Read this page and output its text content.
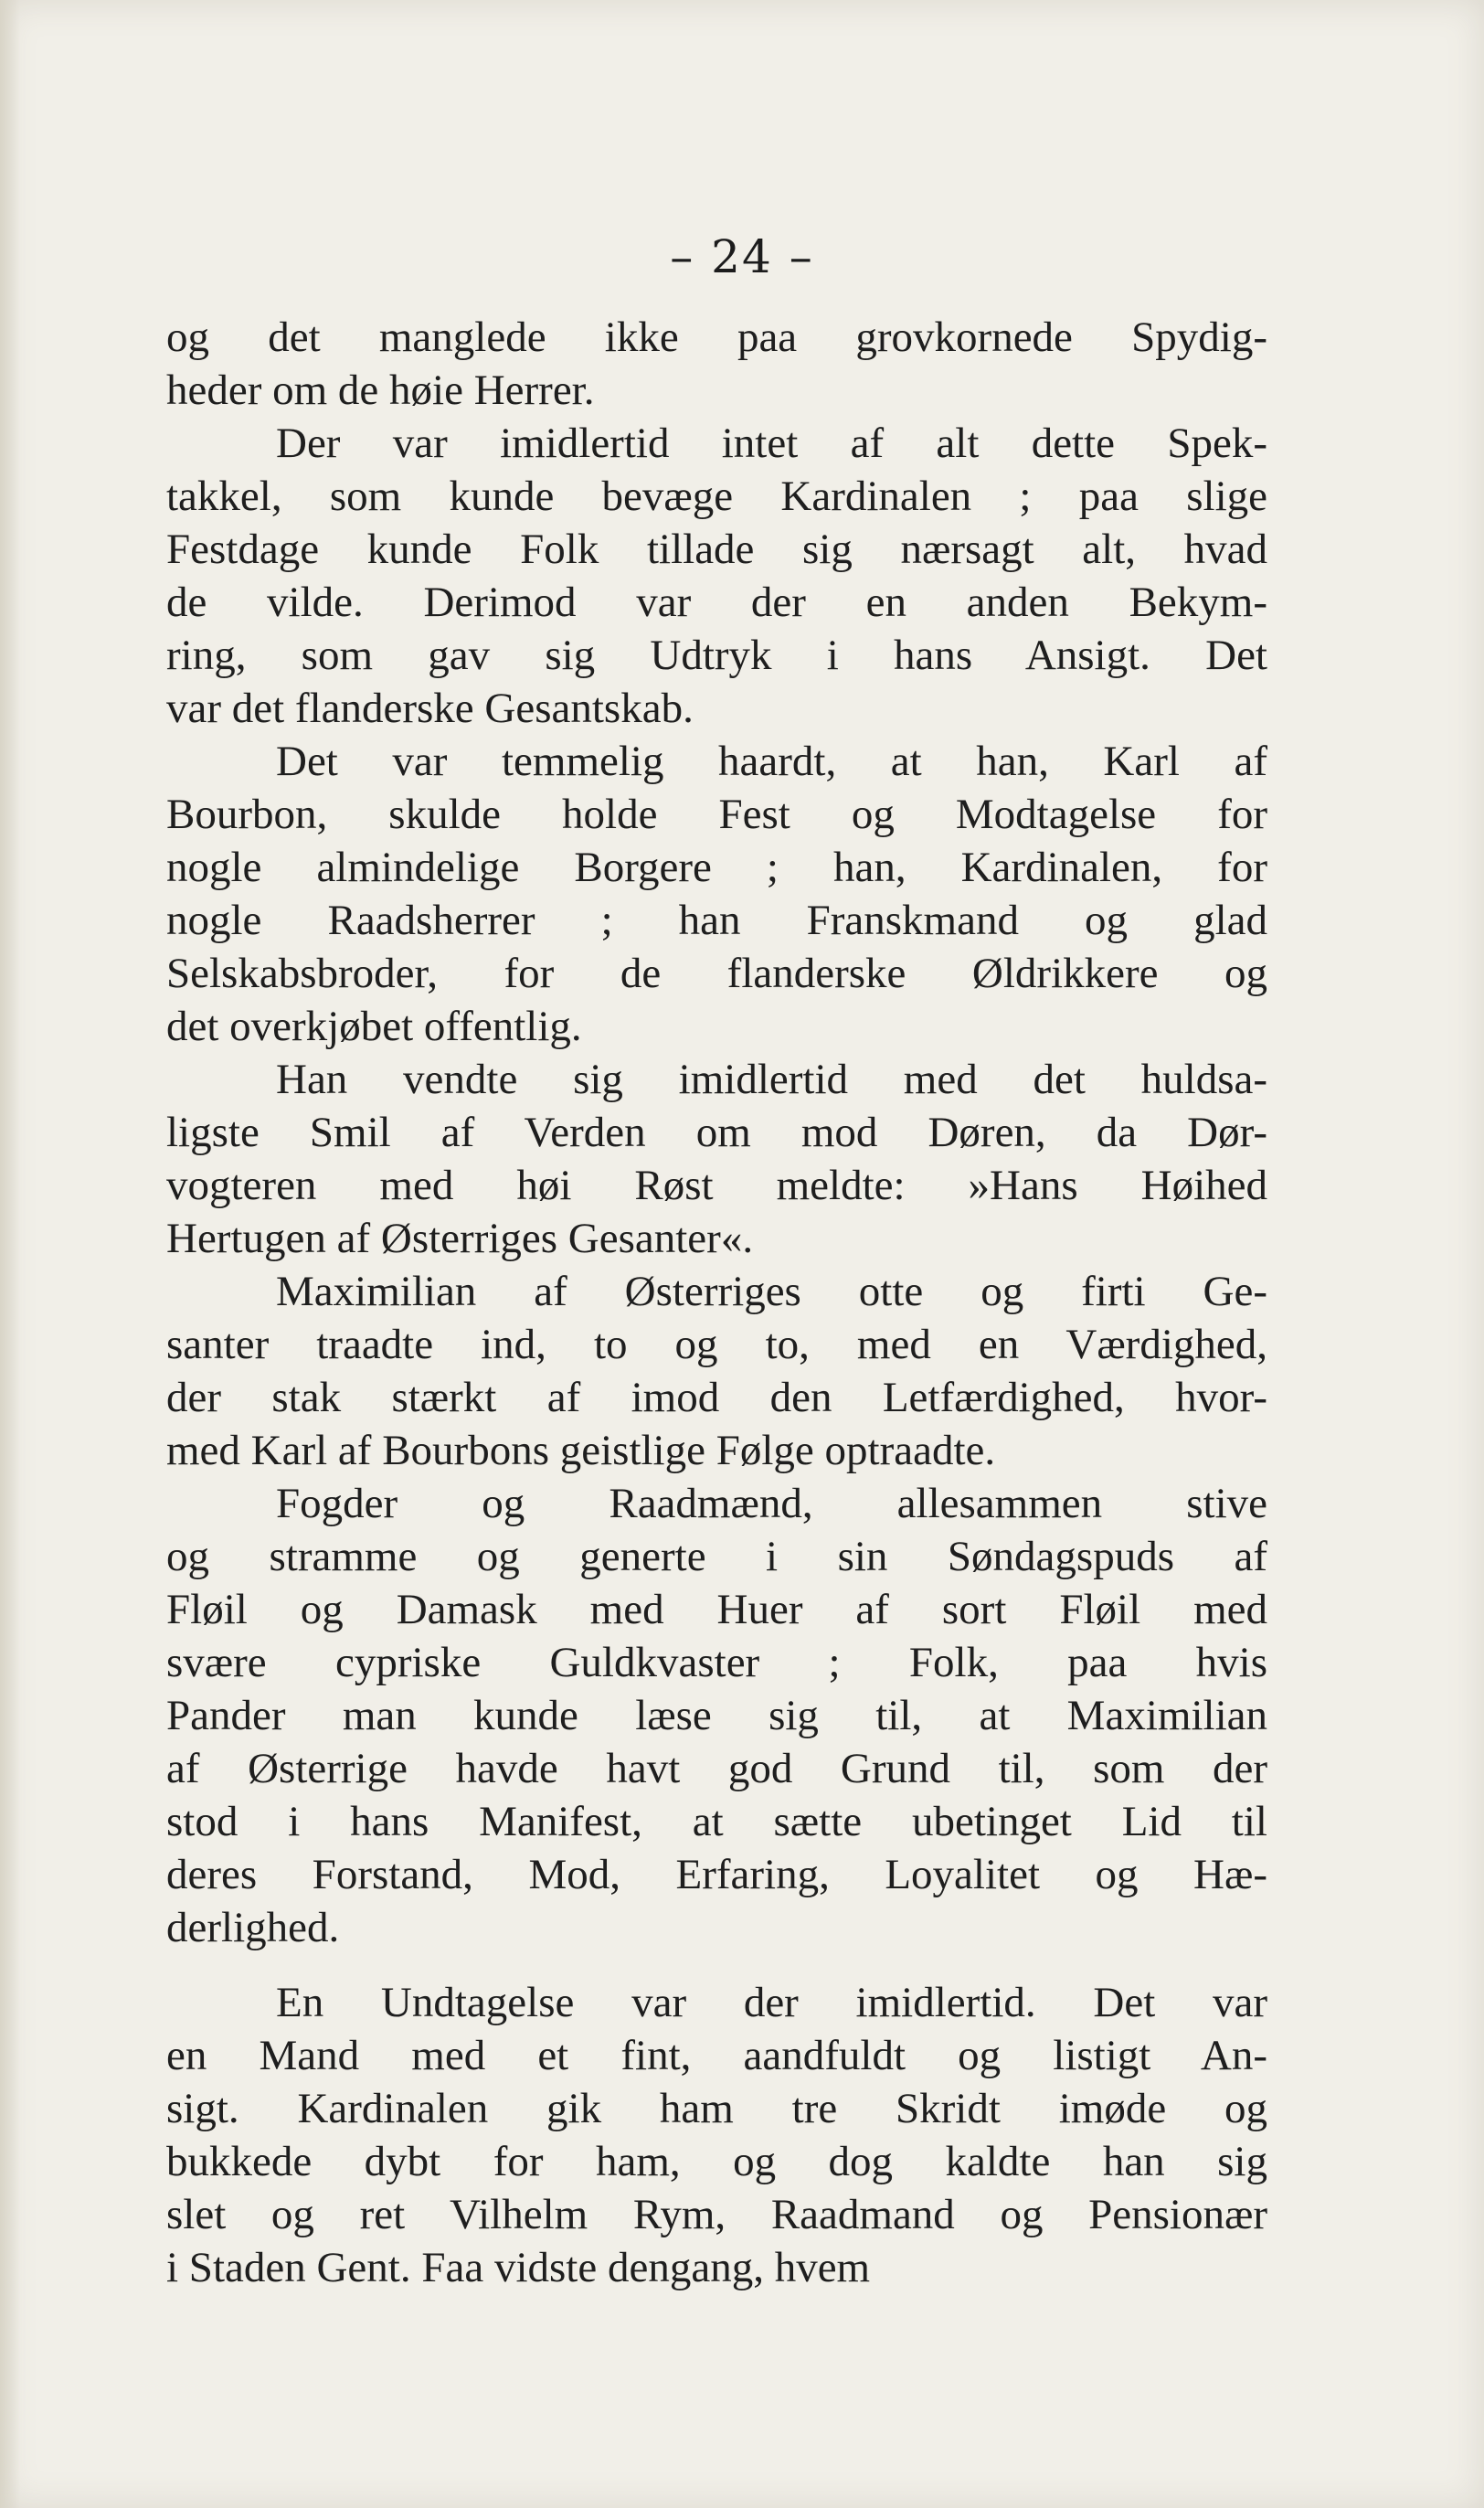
– 24 –
og det manglede ikke paa grovkornede Spydig-
heder om de høie Herrer.
Der var imidlertid intet af alt dette Spek-
takkel, som kunde bevæge Kardinalen ; paa slige
Festdage kunde Folk tillade sig nærsagt alt, hvad
de vilde. Derimod var der en anden Bekym-
ring, som gav sig Udtryk i hans Ansigt. Det
var det flanderske Gesantskab.
Det var temmelig haardt, at han, Karl af
Bourbon, skulde holde Fest og Modtagelse for
nogle almindelige Borgere ; han, Kardinalen, for
nogle Raadsherrer ; han Franskmand og glad
Selskabsbroder, for de flanderske Øldrikkere og
det overkjøbet offentlig.
Han vendte sig imidlertid med det huldsa-
ligste Smil af Verden om mod Døren, da Dør-
vogteren med høi Røst meldte: »Hans Høihed
Hertugen af Østerriges Gesanter«.
Maximilian af Østerriges otte og firti Ge-
santer traadte ind, to og to, med en Værdighed,
der stak stærkt af imod den Letfærdighed, hvor-
med Karl af Bourbons geistlige Følge optraadte.
Fogder og Raadmænd, allesammen stive
og stramme og generte i sin Søndagspuds af
Fløil og Damask med Huer af sort Fløil med
svære cypriske Guldkvaster ; Folk, paa hvis
Pander man kunde læse sig til, at Maximilian
af Østerrige havde havt god Grund til, som der
stod i hans Manifest, at sætte ubetinget Lid til
deres Forstand, Mod, Erfaring, Loyalitet og Hæ-
derlighed.
En Undtagelse var der imidlertid. Det var
en Mand med et fint, aandfuldt og listigt An-
sigt. Kardinalen gik ham tre Skridt imøde og
bukkede dybt for ham, og dog kaldte han sig
slet og ret Vilhelm Rym, Raadmand og Pensionær
i Staden Gent. Faa vidste dengang, hvem
